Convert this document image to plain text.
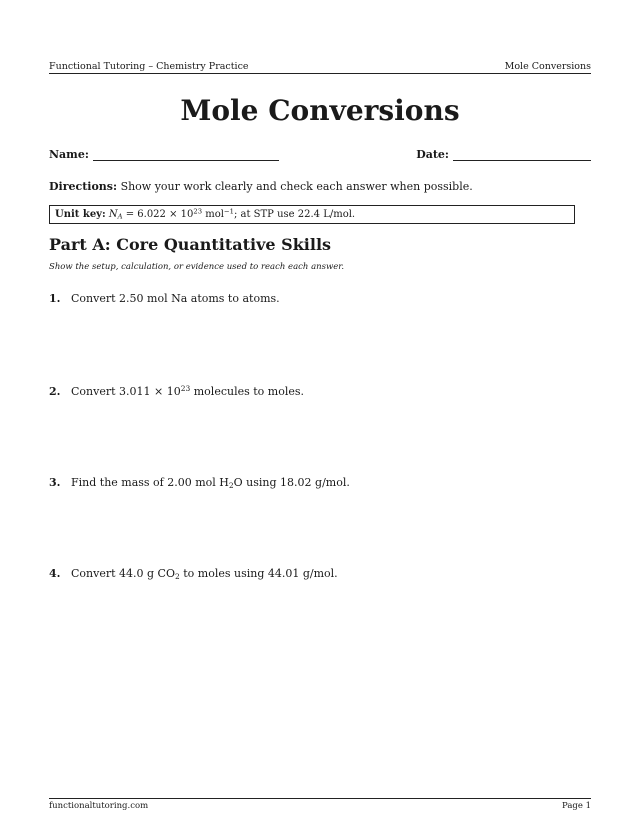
Functional Tutoring – Chemistry Practice	Mole Conversions
Mole Conversions
Name:	Date:
Directions: Show your work clearly and check each answer when possible.
Unit key: $N_A = 6.022 \times 10^{23}$ mol$^{-1}$; at STP use 22.4 L/mol.
Part A: Core Quantitative Skills
Show the setup, calculation, or evidence used to reach each answer.
1. Convert 2.50 mol Na atoms to atoms.
2. Convert $3.011 \times 10^{23}$ molecules to moles.
3. Find the mass of 2.00 mol $H_2O$ using 18.02 g/mol.
4. Convert 44.0 g $CO_2$ to moles using 44.01 g/mol.
functionaltutoring.com	Page 1
